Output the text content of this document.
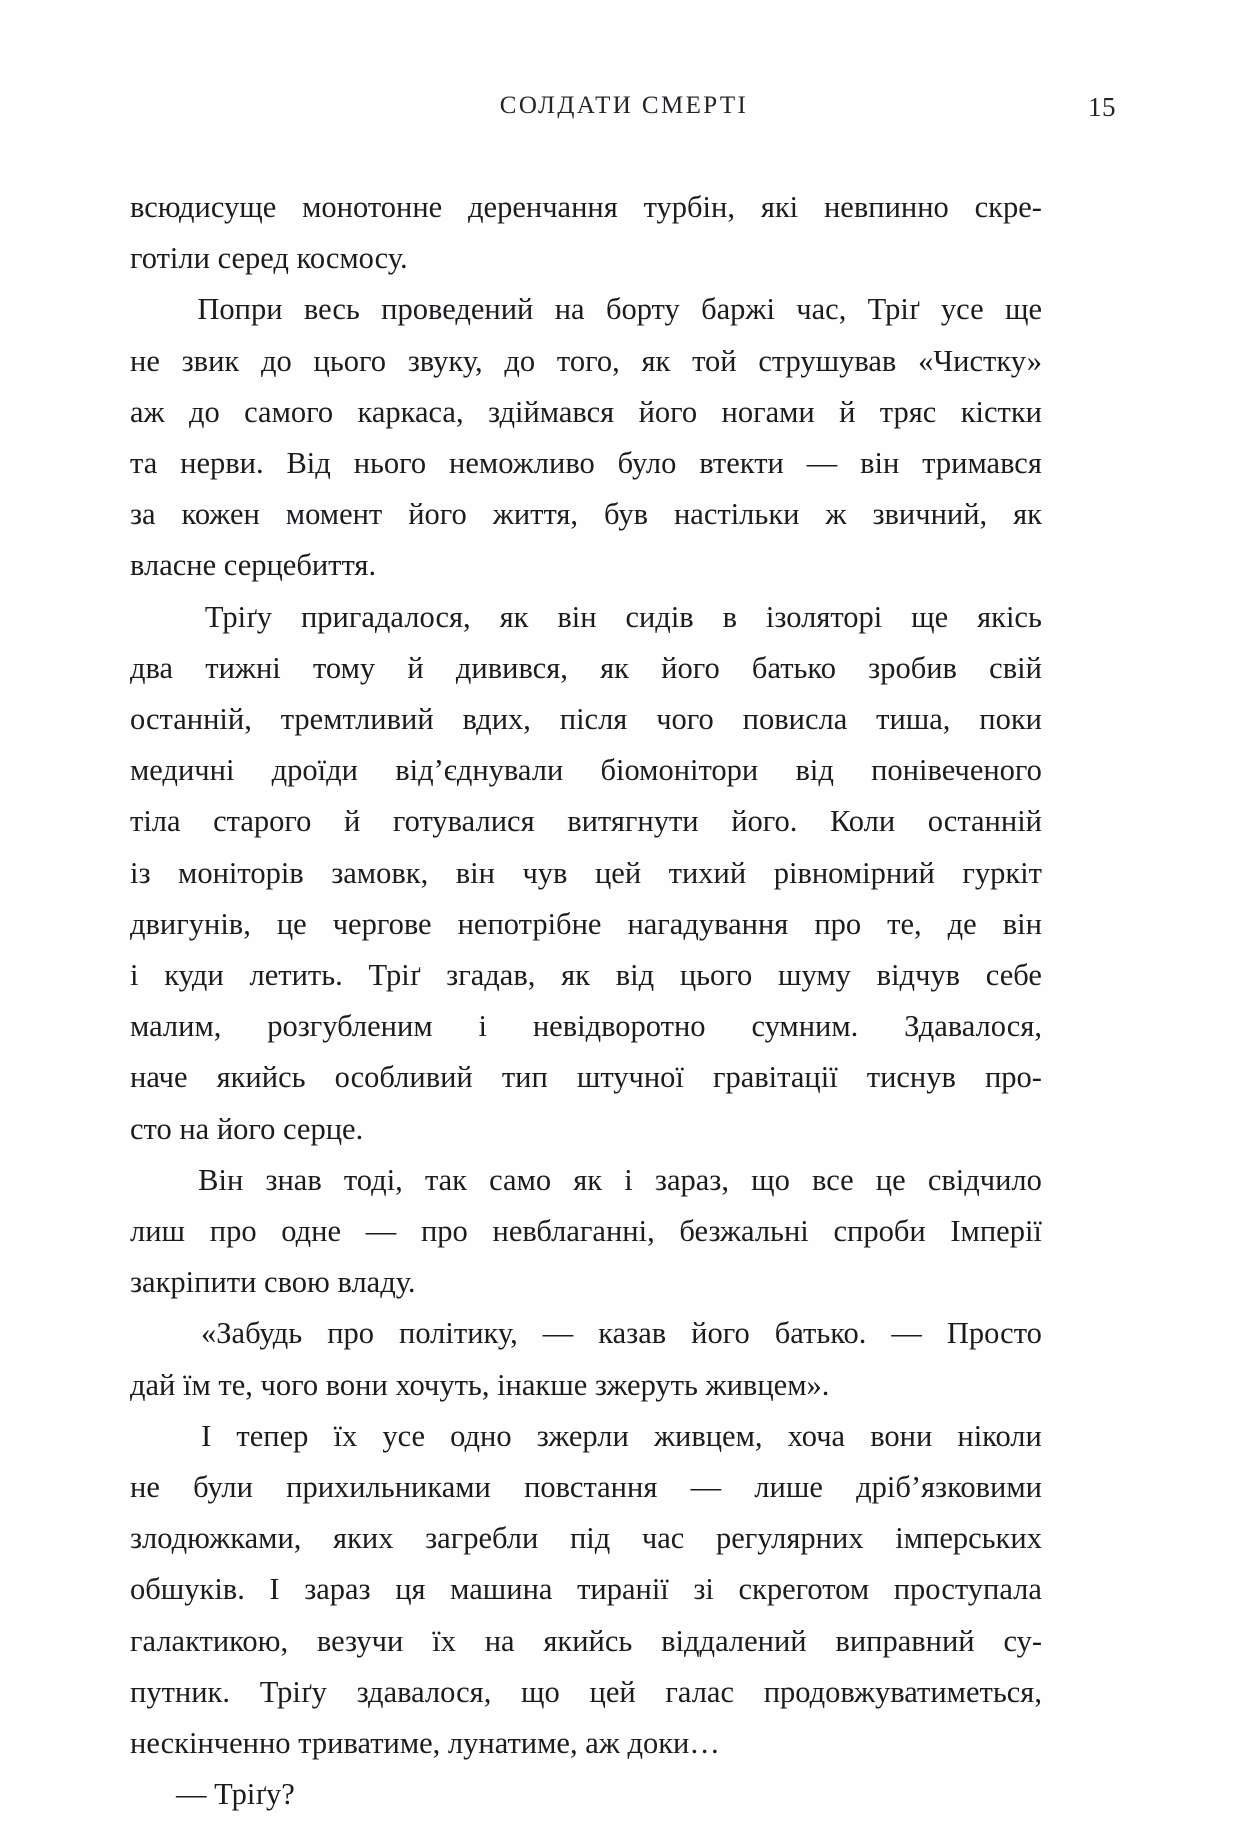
СОЛДАТИ СМЕРТІ	15

всюдисуще монотонне деренчання турбін, які невпинно скре-
готіли серед космосу.

Попри весь проведений на борту баржі час, Тріґ усе ще
не звик до цього звуку, до того, як той струшував «Чистку»
аж до самого каркаса, здіймався його ногами й тряс кістки
та нерви. Від нього неможливо було втекти — він тримався
за кожен момент його життя, був настільки ж звичний, як
власне серцебиття.

Тріґу пригадалося, як він сидів в ізоляторі ще якісь
два тижні тому й дивився, як його батько зробив свій
останній, тремтливий вдих, після чого повисла тиша, поки
медичні дроїди від’єднували біомонітори від понівеченого
тіла старого й готувалися витягнути його. Коли останній
із моніторів замовк, він чув цей тихий рівномірний гуркіт
двигунів, це чергове непотрібне нагадування про те, де він
і куди летить. Тріґ згадав, як від цього шуму відчув себе
малим, розгубленим і невідворотно сумним. Здавалося,
наче якийсь особливий тип штучної гравітації тиснув про-
сто на його серце.

Він знав тоді, так само як і зараз, що все це свідчило
лиш про одне — про невблаганні, безжальні спроби Імперії
закріпити свою владу.

«Забудь про політику, — казав його батько. — Просто
дай їм те, чого вони хочуть, інакше зжеруть живцем».

І тепер їх усе одно зжерли живцем, хоча вони ніколи
не були прихильниками повстання — лише дріб’язковими
злодюжками, яких загребли під час регулярних імперських
обшуків. І зараз ця машина тиранії зі скреготом проступала
галактикою, везучи їх на якийсь віддалений виправний су-
путник. Тріґу здавалося, що цей галас продовжуватиметься,
нескінченно триватиме, лунатиме, аж доки…

— Тріґу?
